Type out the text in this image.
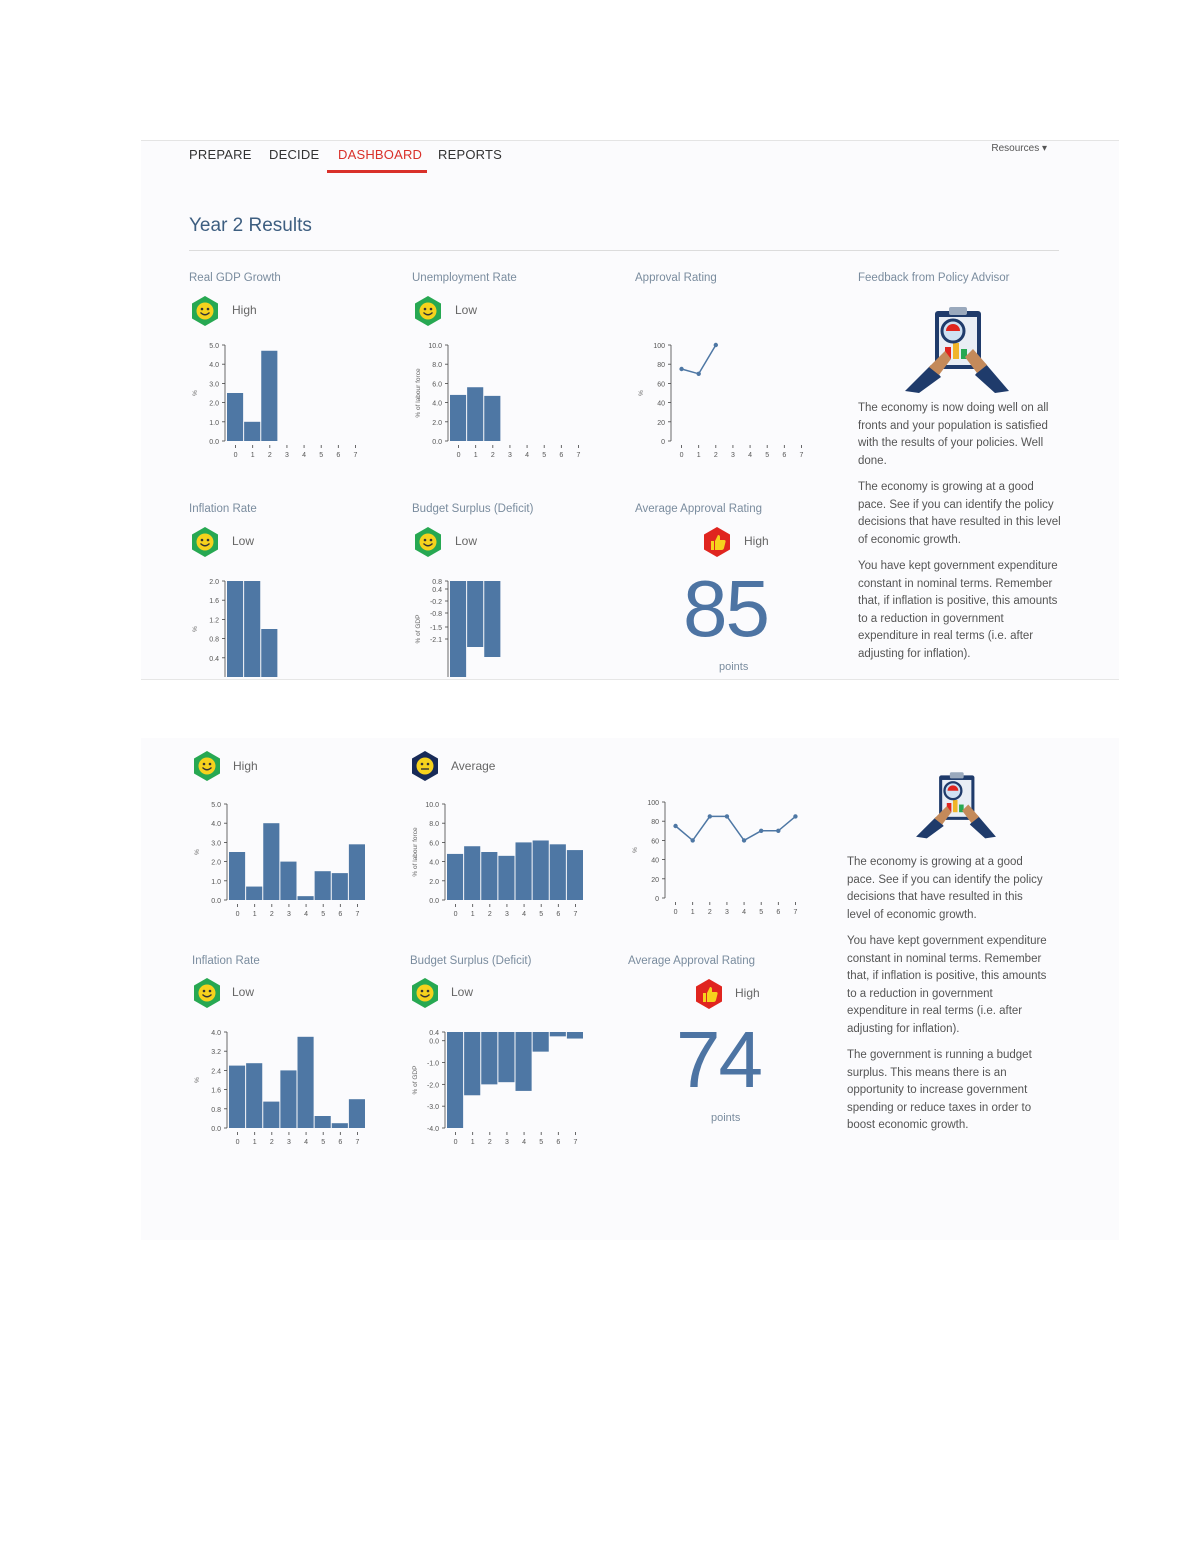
PREPARE DECIDE DASHBOARD REPORTS	Resources ▾
Year 2 Results
Real GDP Growth
High
0.0
1.0
2.0
3.0
4.0
5.0
%
0 1 2 3 4 5 6 7
Unemployment Rate
Low
0.0
2.0
4.0
6.0
8.0
10.0
% of labour force
0 1 2 3 4 5 6 7
Approval Rating
0
20
40
60
80
100
%
0 1 2 3 4 5 6 7
Feedback from Policy Advisor

The economy is now doing well on all fronts and your population is satisfied with the results of your policies. Well done.

The economy is growing at a good pace. See if you can identify the policy decisions that have resulted in this level of economic growth.

You have kept government expenditure constant in nominal terms. Remember that, if inflation is positive, this amounts to a reduction in government expenditure in real terms (i.e. after adjusting for inflation).

Inflation Rate
Low
0.4
0.8
1.2
1.6
2.0
%
0 1 2 3 4 5 6 7
Budget Surplus (Deficit)
Low
-2.1
-1.5
-0.8
-0.2
0.4
0.8
% of GDP
0 1 2 3 4 5 6 7
Average Approval Rating
High
85
points
High
0.0
1.0
2.0
3.0
4.0
5.0
%
0 1 2 3 4 5 6 7
Average
0.0
2.0
4.0
6.0
8.0
10.0
% of labour force
0 1 2 3 4 5 6 7
0
20
40
60
80
100
%
0 1 2 3 4 5 6 7

The economy is growing at a good pace. See if you can identify the policy decisions that have resulted in this level of economic growth.

You have kept government expenditure constant in nominal terms. Remember that, if inflation is positive, this amounts to a reduction in government expenditure in real terms (i.e. after adjusting for inflation).

The government is running a budget surplus. This means there is an opportunity to increase government spending or reduce taxes in order to boost economic growth.

Inflation Rate
Low
0.0
0.8
1.6
2.4
3.2
4.0
%
0 1 2 3 4 5 6 7
Budget Surplus (Deficit)
Low
-4.0
-3.0
-2.0
-1.0
0.0
0.4
% of GDP
0 1 2 3 4 5 6 7
Average Approval Rating
High
74
points
